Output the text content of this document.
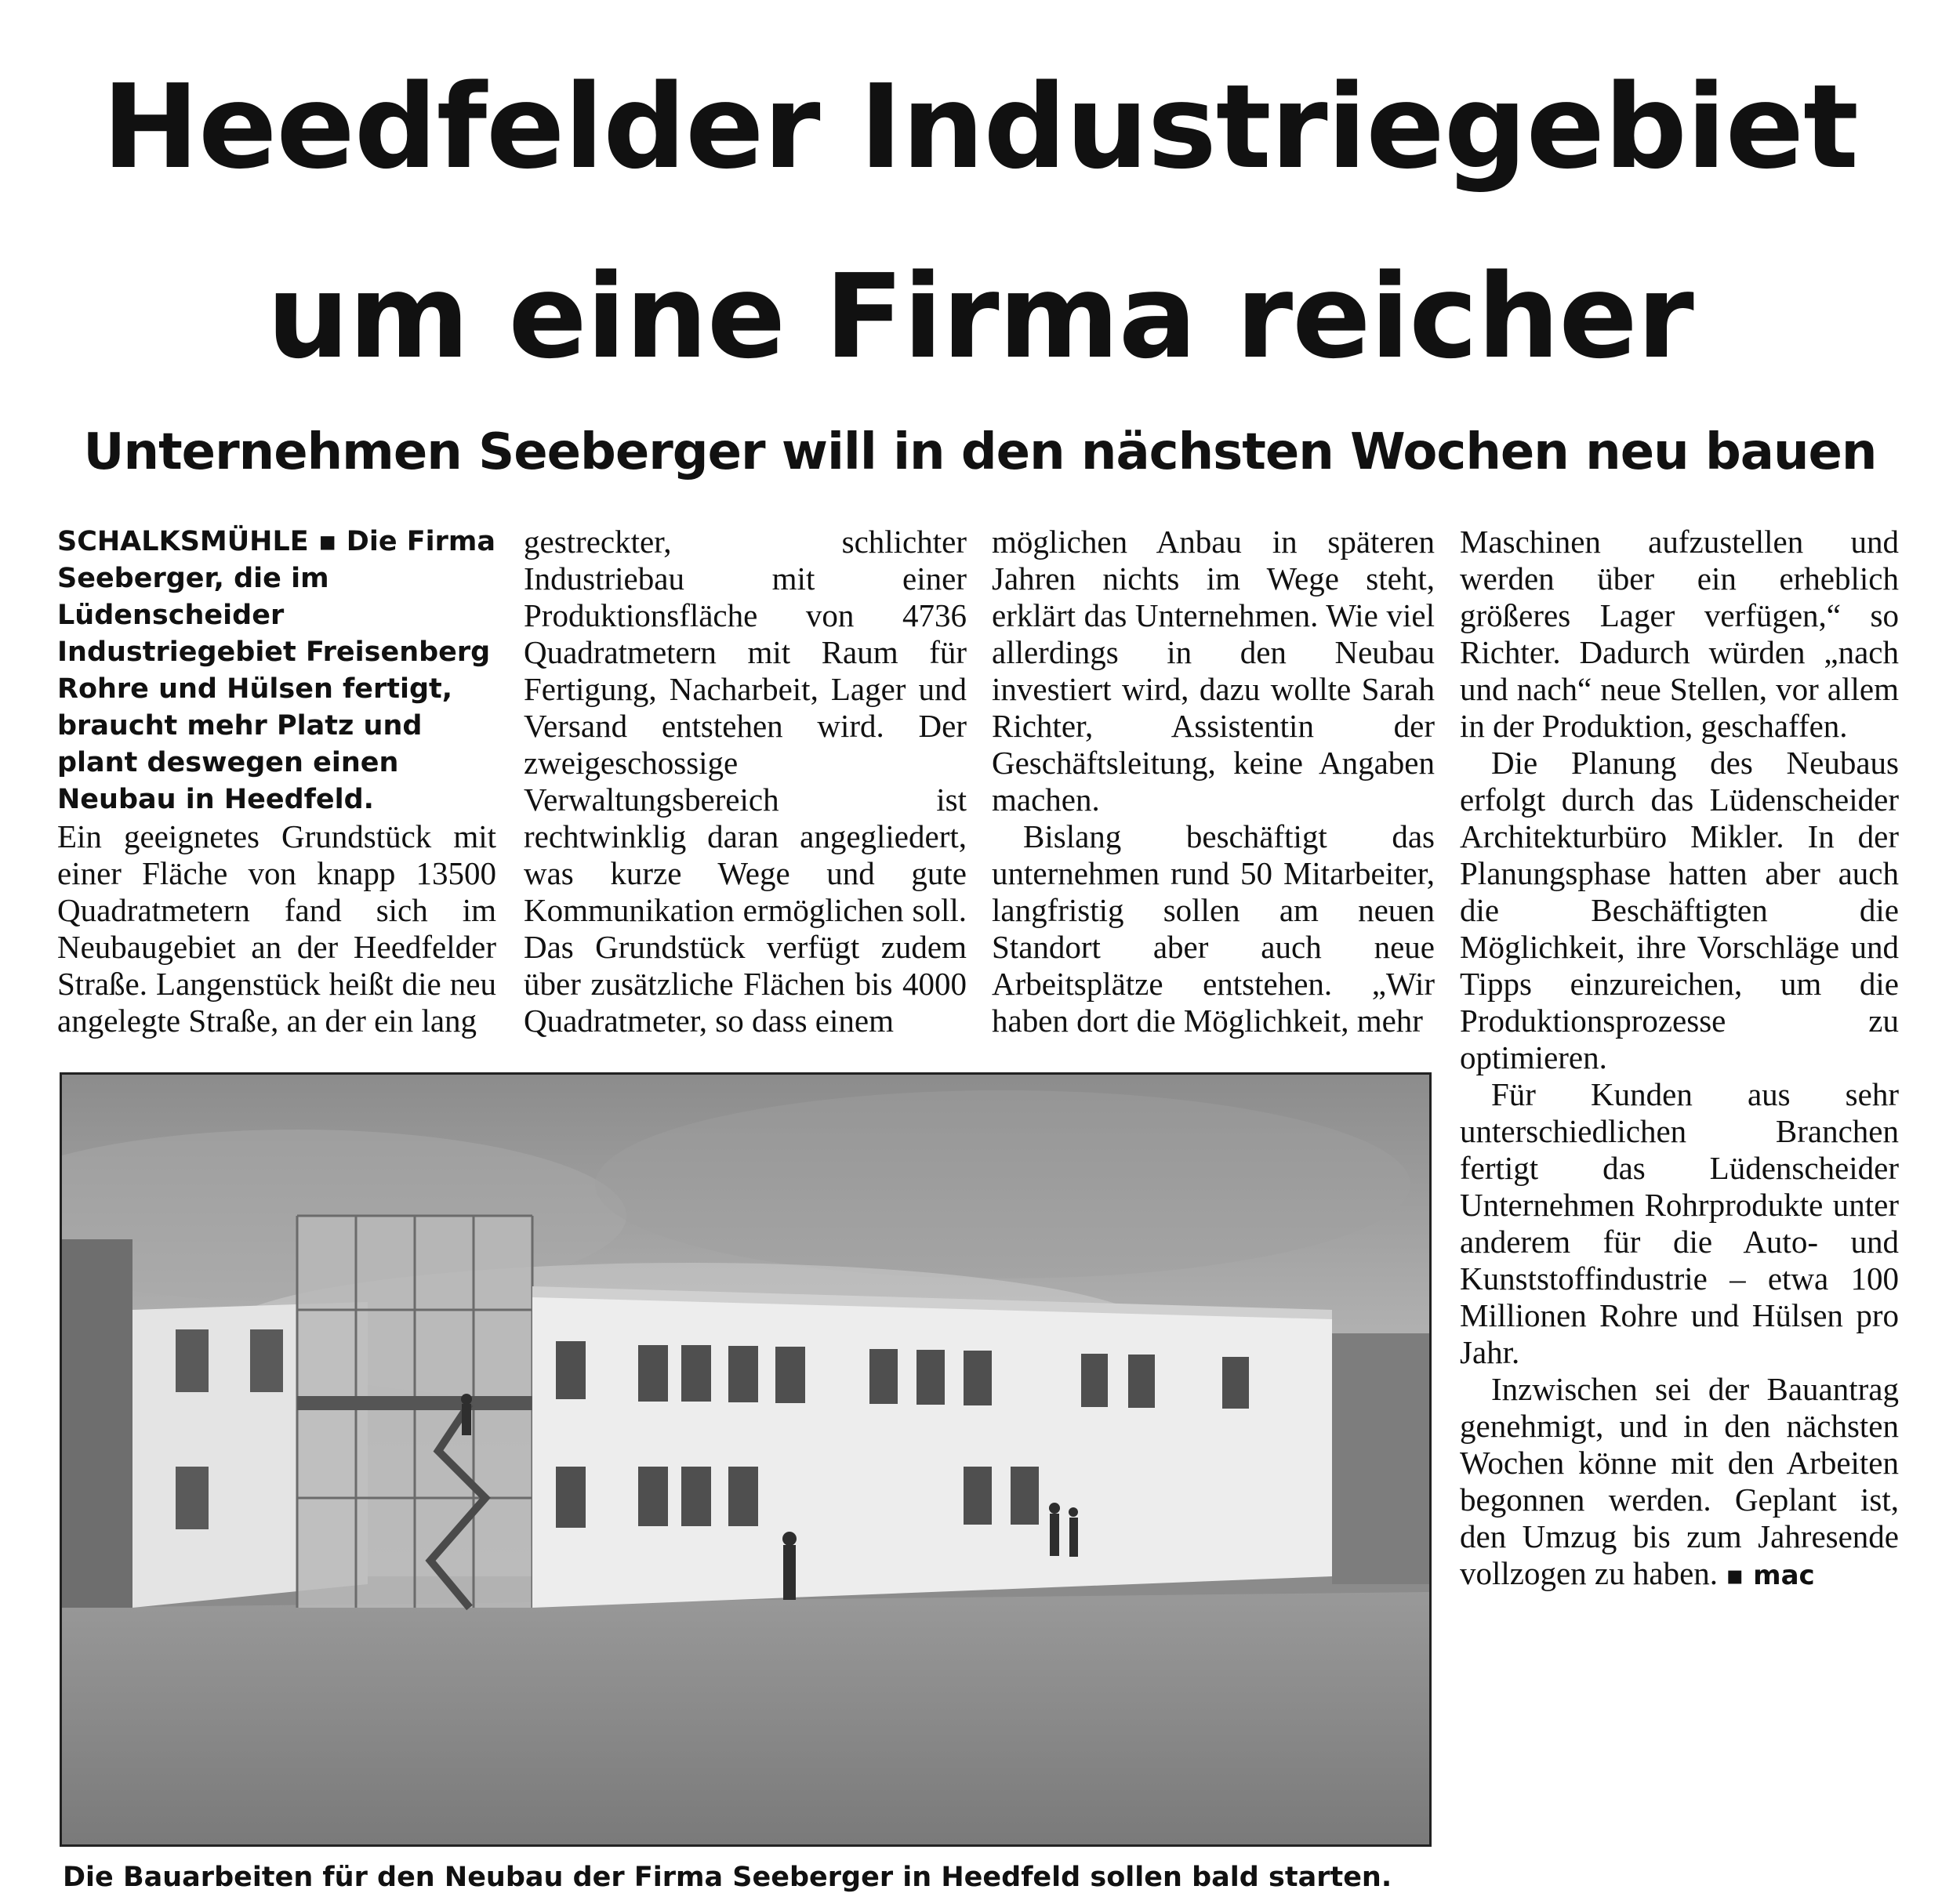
Heedfelder Industriegebiet
um eine Firma reicher
Unternehmen Seeberger will in den nächsten Wochen neu bauen

SCHALKSMÜHLE ▪ Die Firma Seeberger, die im Lüdenscheider Industriegebiet Freisenberg Rohre und Hülsen fertigt, braucht mehr Platz und plant deswegen einen Neubau in Heedfeld.

Ein geeignetes Grundstück mit einer Fläche von knapp 13500 Quadratmetern fand sich im Neubaugebiet an der Heedfelder Straße. Langenstück heißt die neu angelegte Straße, an der ein lang

gestreckter, schlichter Industriebau mit einer Produktionsfläche von 4736 Quadratmetern mit Raum für Fertigung, Nacharbeit, Lager und Versand entstehen wird. Der zweigeschossige Verwaltungsbereich ist rechtwinklig daran angegliedert, was kurze Wege und gute Kommunikation ermöglichen soll. Das Grundstück verfügt zudem über zusätzliche Flächen bis 4000 Quadratmeter, so dass einem

möglichen Anbau in späteren Jahren nichts im Wege steht, erklärt das Unternehmen. Wie viel allerdings in den Neubau investiert wird, dazu wollte Sarah Richter, Assistentin der Geschäftsleitung, keine Angaben machen.

Bislang beschäftigt das unternehmen rund 50 Mitarbeiter, langfristig sollen am neuen Standort aber auch neue Arbeitsplätze entstehen. „Wir haben dort die Möglichkeit, mehr

Maschinen aufzustellen und werden über ein erheblich größeres Lager verfügen,“ so Richter. Dadurch würden „nach und nach“ neue Stellen, vor allem in der Produktion, geschaffen.

Die Planung des Neubaus erfolgt durch das Lüdenscheider Architekturbüro Mikler. In der Planungsphase hatten aber auch die Beschäftigten die Möglichkeit, ihre Vorschläge und Tipps einzureichen, um die Produktionsprozesse zu optimieren.

Für Kunden aus sehr unterschiedlichen Branchen fertigt das Lüdenscheider Unternehmen Rohrprodukte unter anderem für die Auto- und Kunststoffindustrie – etwa 100 Millionen Rohre und Hülsen pro Jahr.

Inzwischen sei der Bauantrag genehmigt, und in den nächsten Wochen könne mit den Arbeiten begonnen werden. Geplant ist, den Umzug bis zum Jahresende vollzogen zu haben. ▪ mac

Die Bauarbeiten für den Neubau der Firma Seeberger in Heedfeld sollen bald starten.
